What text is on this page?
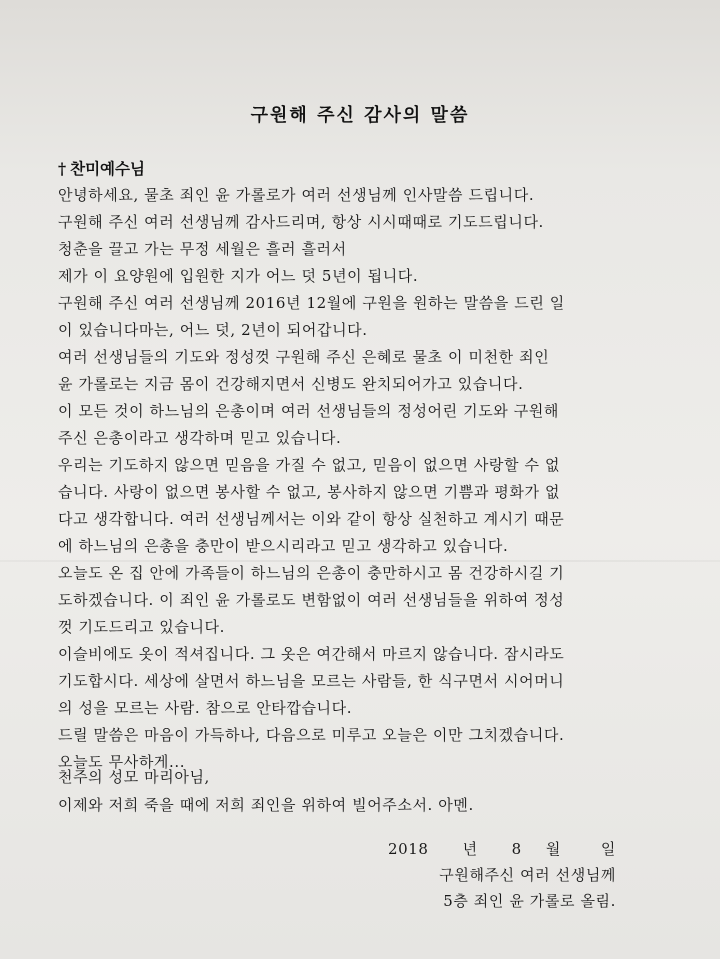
구원해 주신 감사의 말씀
† 찬미예수님
안녕하세요, 물초 죄인 윤 가롤로가 여러 선생님께 인사말씀 드립니다.
구원해 주신 여러 선생님께 감사드리며, 항상 시시때때로 기도드립니다.
청춘을 끌고 가는 무정 세월은 흘러 흘러서
제가 이 요양원에 입원한 지가 어느 덧 5년이 됩니다.
구원해 주신 여러 선생님께 2016년 12월에 구원을 원하는 말씀을 드린 일
이 있습니다마는, 어느 덧, 2년이 되어갑니다.
여러 선생님들의 기도와 정성껏 구원해 주신 은혜로 물초 이 미천한 죄인
윤 가롤로는 지금 몸이 건강해지면서 신병도 완치되어가고 있습니다.
이 모든 것이 하느님의 은총이며 여러 선생님들의 정성어린 기도와 구원해
주신 은총이라고 생각하며 믿고 있습니다.
우리는 기도하지 않으면 믿음을 가질 수 없고, 믿음이 없으면 사랑할 수 없
습니다. 사랑이 없으면 봉사할 수 없고, 봉사하지 않으면 기쁨과 평화가 없
다고 생각합니다. 여러 선생님께서는 이와 같이 항상 실천하고 계시기 때문
에 하느님의 은총을 충만이 받으시리라고 믿고 생각하고 있습니다.
오늘도 온 집 안에 가족들이 하느님의 은총이 충만하시고 몸 건강하시길 기
도하겠습니다. 이 죄인 윤 가롤로도 변함없이 여러 선생님들을 위하여 정성
껏 기도드리고 있습니다.
이슬비에도 옷이 적셔집니다. 그 옷은 여간해서 마르지 않습니다. 잠시라도
기도합시다. 세상에 살면서 하느님을 모르는 사람들, 한 식구면서 시어머니
의 성을 모르는 사람. 참으로 안타깝습니다.
드릴 말씀은 마음이 가득하나, 다음으로 미루고 오늘은 이만 그치겠습니다.
오늘도 무사하게...
천주의 성모 마리아님,
이제와 저희 죽을 때에 저희 죄인을 위하여 빌어주소서. 아멘.
2018 년 8 월	일
구원해주신 여러 선생님께
5층 죄인 윤 가롤로 올림.
